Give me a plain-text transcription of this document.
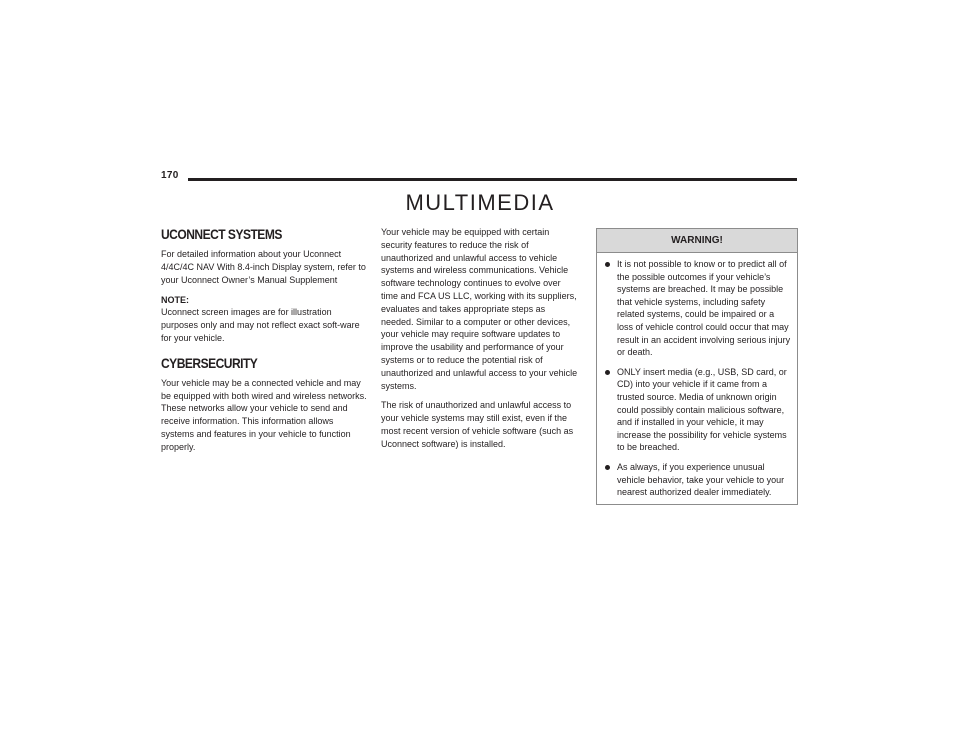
170
MULTIMEDIA
UCONNECT SYSTEMS

For detailed information about your Uconnect 4/4C/4C NAV With 8.4-inch Display system, refer to your Uconnect Owner’s Manual Supplement

NOTE:

Uconnect screen images are for illustration purposes only and may not reflect exact soft-ware for your vehicle.

CYBERSECURITY

Your vehicle may be a connected vehicle and may be equipped with both wired and wireless networks. These networks allow your vehicle to send and receive information. This information allows systems and features in your vehicle to function properly.

Your vehicle may be equipped with certain security features to reduce the risk of unauthorized and unlawful access to vehicle systems and wireless communications. Vehicle software technology continues to evolve over time and FCA US LLC, working with its suppliers, evaluates and takes appropriate steps as needed. Similar to a computer or other devices, your vehicle may require software updates to improve the usability and performance of your systems or to reduce the potential risk of unauthorized and unlawful access to your vehicle systems.

The risk of unauthorized and unlawful access to your vehicle systems may still exist, even if the most recent version of vehicle software (such as Uconnect software) is installed.

WARNING!
It is not possible to know or to predict all of the possible outcomes if your vehicle’s systems are breached. It may be possible that vehicle systems, including safety related systems, could be impaired or a loss of vehicle control could occur that may result in an accident involving serious injury or death.
ONLY insert media (e.g., USB, SD card, or CD) into your vehicle if it came from a trusted source. Media of unknown origin could possibly contain malicious software, and if installed in your vehicle, it may increase the possibility for vehicle systems to be breached.
As always, if you experience unusual vehicle behavior, take your vehicle to your nearest authorized dealer immediately.
